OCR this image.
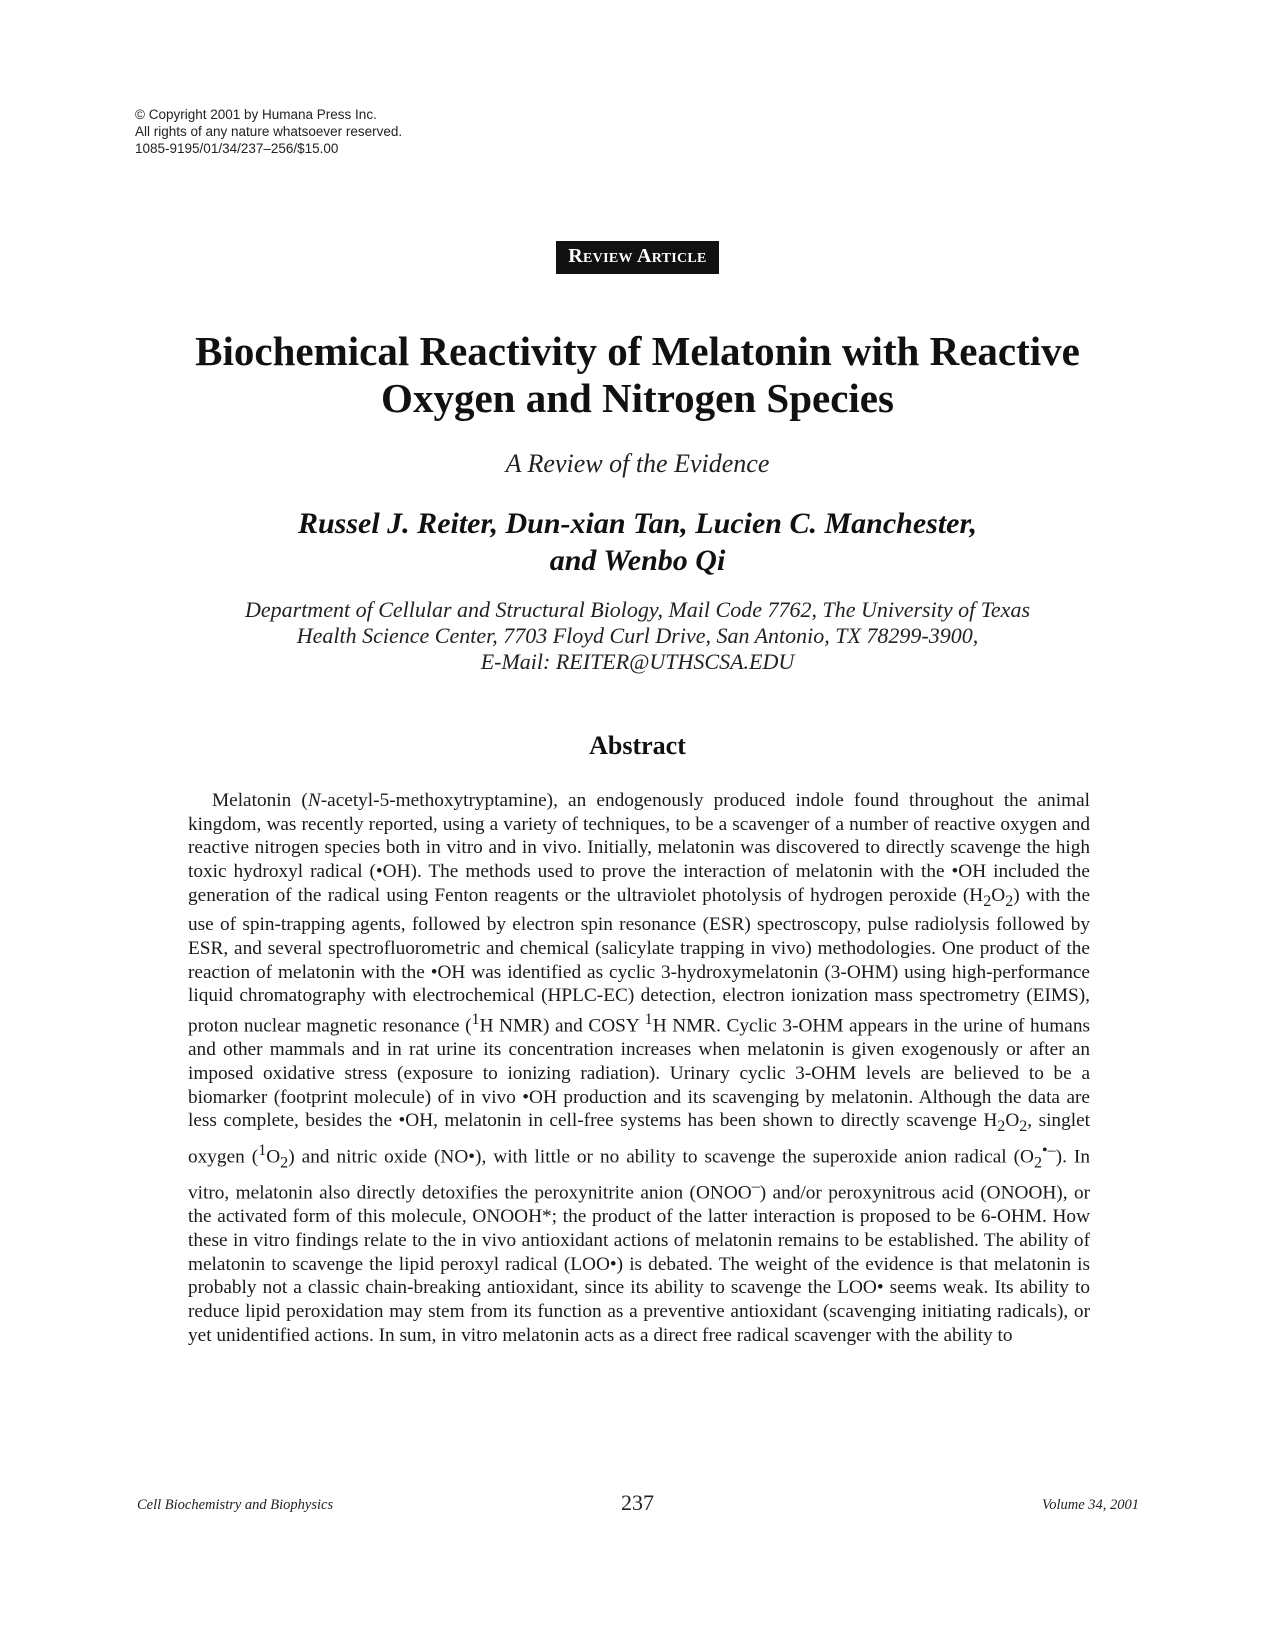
© Copyright 2001 by Humana Press Inc.
All rights of any nature whatsoever reserved.
1085-9195/01/34/237–256/$15.00
Review Article
Biochemical Reactivity of Melatonin with Reactive
Oxygen and Nitrogen Species
A Review of the Evidence
Russel J. Reiter, Dun-xian Tan, Lucien C. Manchester,
and Wenbo Qi
Department of Cellular and Structural Biology, Mail Code 7762, The University of Texas
Health Science Center, 7703 Floyd Curl Drive, San Antonio, TX 78299-3900,
E-Mail: REITER@UTHSCSA.EDU
Abstract

Melatonin (N-acetyl-5-methoxytryptamine), an endogenously produced indole found throughout the animal kingdom, was recently reported, using a variety of techniques, to be a scavenger of a number of reactive oxygen and reactive nitrogen species both in vitro and in vivo. Initially, melatonin was discovered to directly scavenge the high toxic hydroxyl radical (•OH). The methods used to prove the interaction of melatonin with the •OH included the generation of the radical using Fenton reagents or the ultraviolet photolysis of hydrogen peroxide $(H_2O_2)$ with the use of spin-trapping agents, followed by electron spin resonance (ESR) spectroscopy, pulse radiolysis followed by ESR, and several spectrofluorometric and chemical (salicylate trapping in vivo) methodologies. One product of the reaction of melatonin with the •OH was identified as cyclic 3-hydroxymelatonin (3-OHM) using high-performance liquid chromatography with electrochemical (HPLC-EC) detection, electron ionization mass spectrometry (EIMS), proton nuclear magnetic resonance ($^1$H NMR) and COSY $^1$H NMR. Cyclic 3-OHM appears in the urine of humans and other mammals and in rat urine its concentration increases when melatonin is given exogenously or after an imposed oxidative stress (exposure to ionizing radiation). Urinary cyclic 3-OHM levels are believed to be a biomarker (footprint molecule) of in vivo •OH production and its scavenging by melatonin. Although the data are less complete, besides the •OH, melatonin in cell-free systems has been shown to directly scavenge $H_2O_2$, singlet oxygen $(^1O_2)$ and nitric oxide (NO•), with little or no ability to scavenge the superoxide anion radical $(O_2^{•-})$. In vitro, melatonin also directly detoxifies the peroxynitrite anion (ONOO–) and/or peroxynitrous acid (ONOOH), or the activated form of this molecule, ONOOH*; the product of the latter interaction is proposed to be 6-OHM. How these in vitro findings relate to the in vivo antioxidant actions of melatonin remains to be established. The ability of melatonin to scavenge the lipid peroxyl radical (LOO•) is debated. The weight of the evidence is that melatonin is probably not a classic chain-breaking antioxidant, since its ability to scavenge the LOO• seems weak. Its ability to reduce lipid peroxidation may stem from its function as a preventive antioxidant (scavenging initiating radicals), or yet unidentified actions. In sum, in vitro melatonin acts as a direct free radical scavenger with the ability to

Cell Biochemistry and Biophysics	237	Volume 34, 2001
